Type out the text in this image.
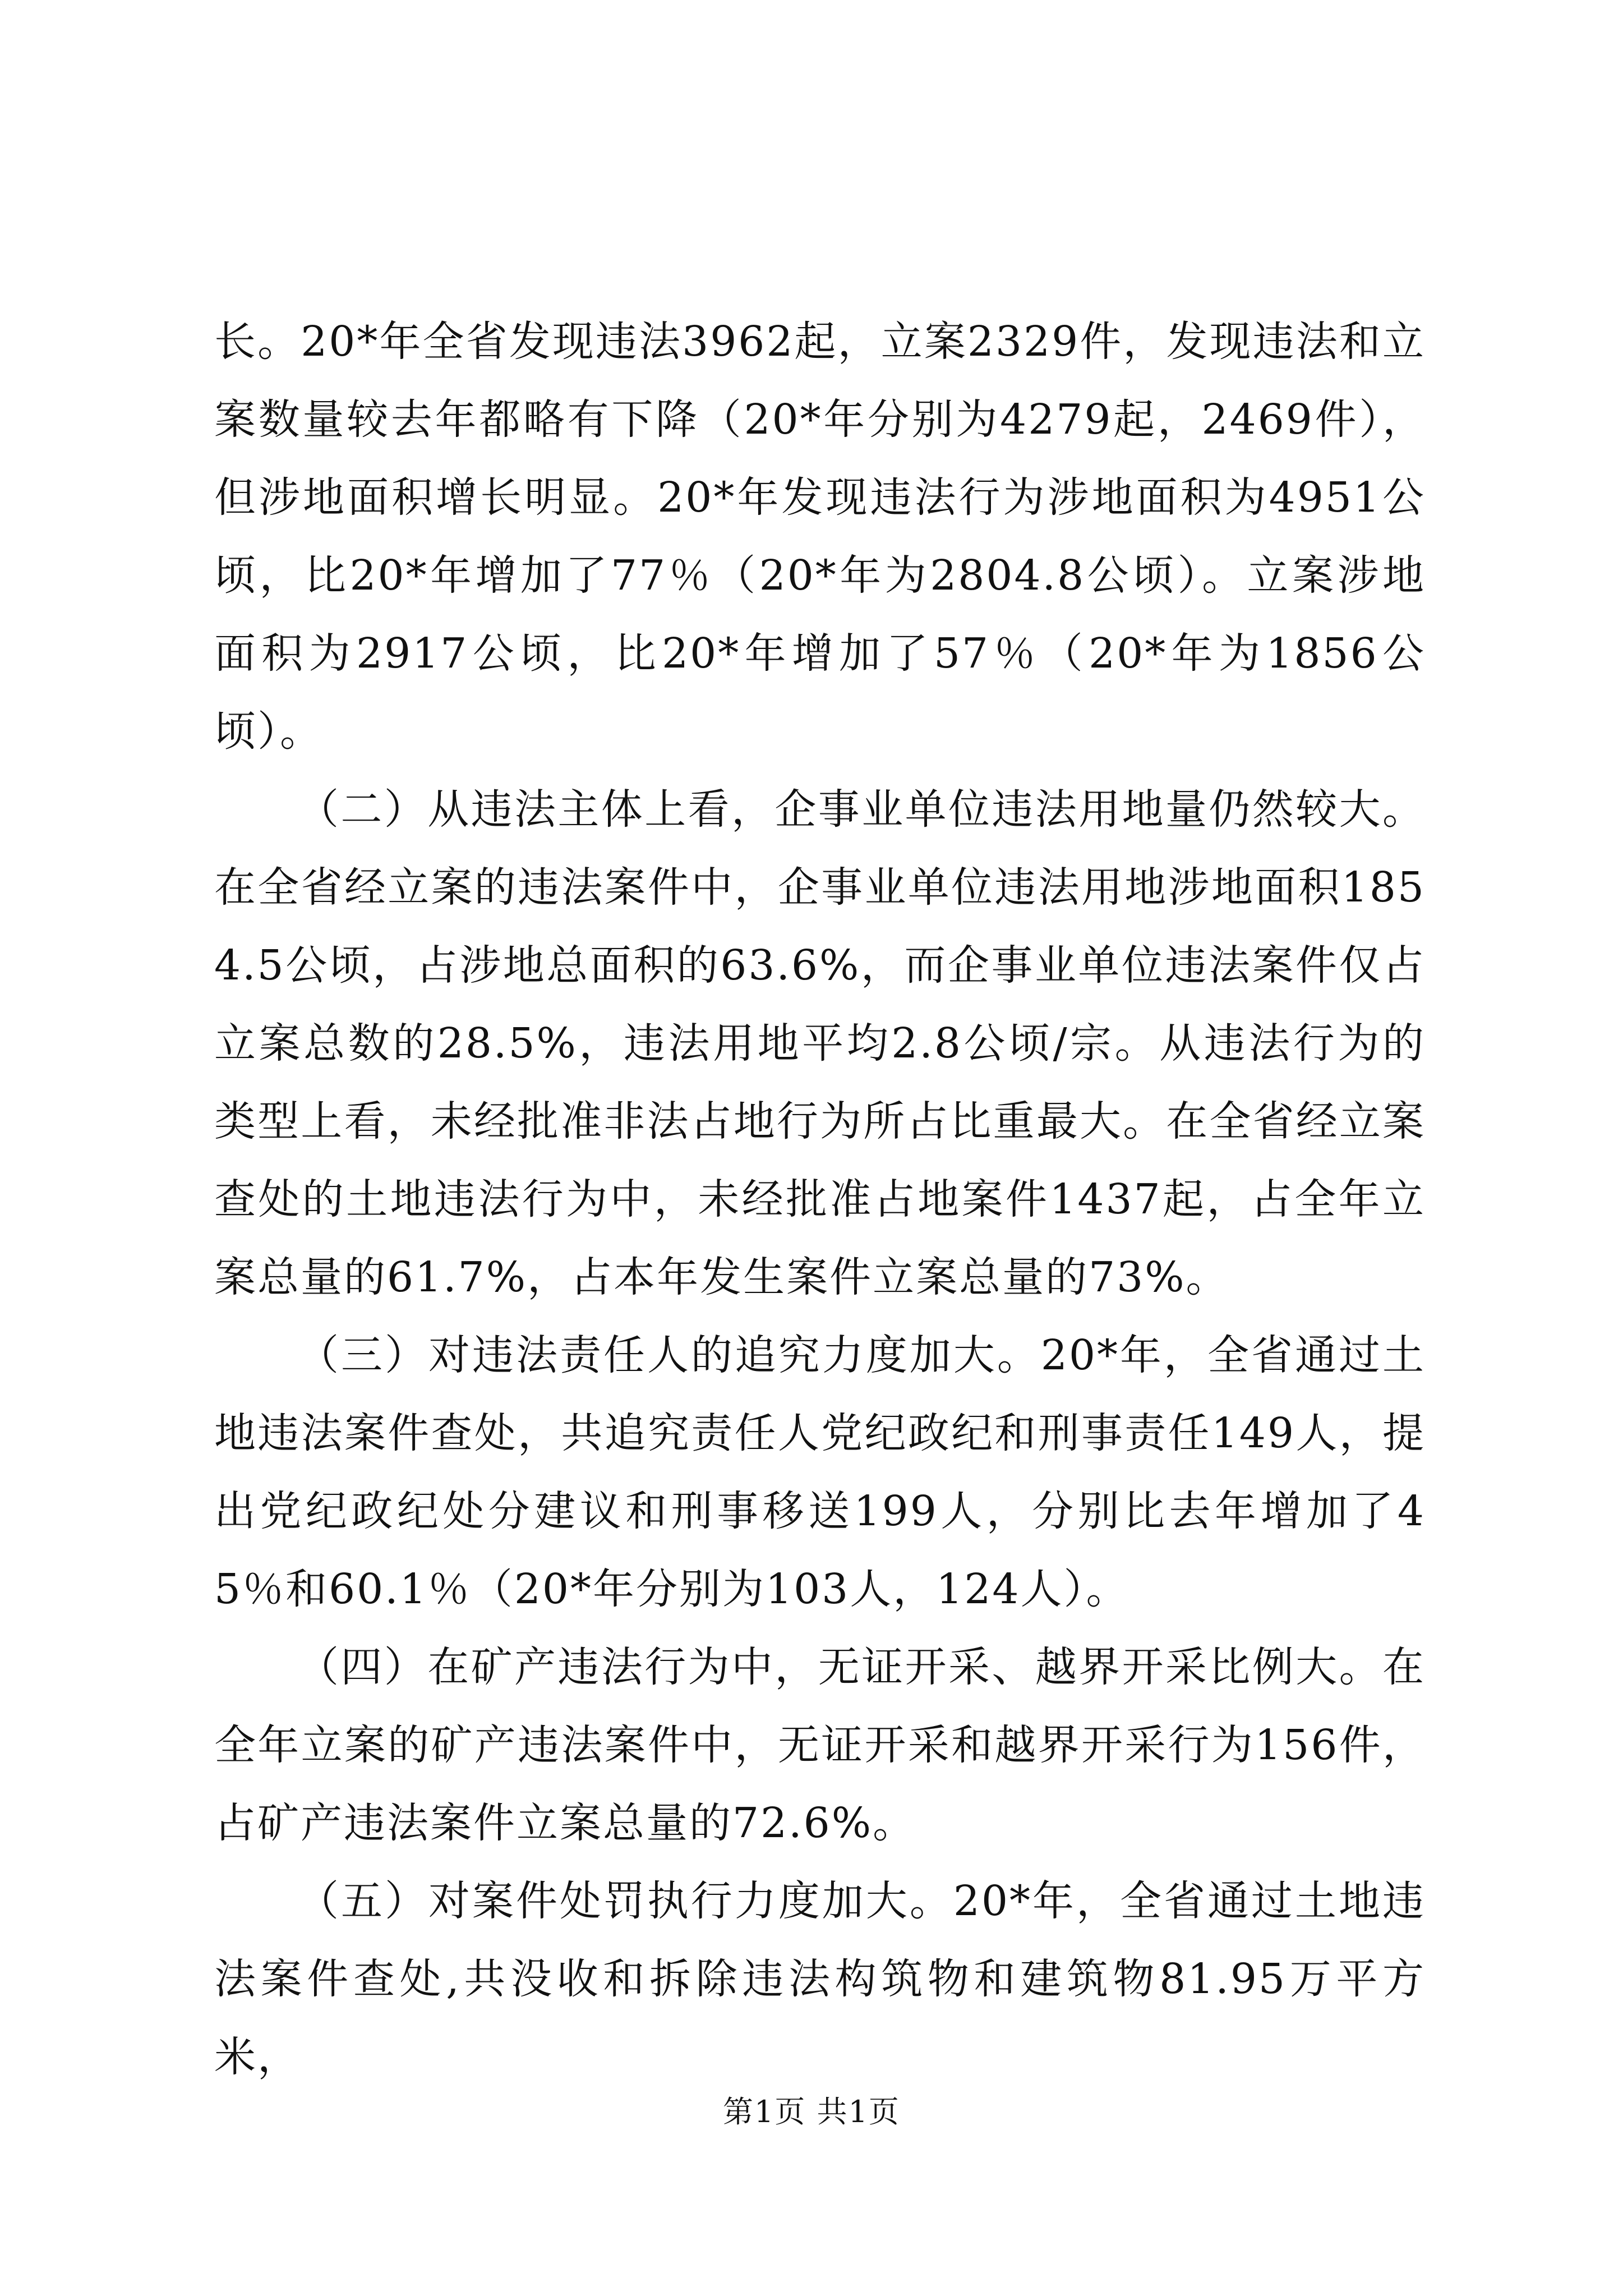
长。20*年全省发现违法3962起，立案2329件，发现违法和立案数量较去年都略有下降（20*年分别为4279起，2469件），但涉地面积增长明显。20*年发现违法行为涉地面积为4951公顷，比20*年增加了77％（20*年为2804.8公顷）。立案涉地面积为2917公顷，比20*年增加了57％（20*年为1856公顷）。

（二）从违法主体上看，企事业单位违法用地量仍然较大。在全省经立案的违法案件中，企事业单位违法用地涉地面积1854.5公顷，占涉地总面积的63.6%，而企事业单位违法案件仅占立案总数的28.5%，违法用地平均2.8公顷/宗。从违法行为的类型上看，未经批准非法占地行为所占比重最大。在全省经立案查处的土地违法行为中，未经批准占地案件1437起，占全年立案总量的61.7%，占本年发生案件立案总量的73%。

（三）对违法责任人的追究力度加大。20*年，全省通过土地违法案件查处，共追究责任人党纪政纪和刑事责任149人，提出党纪政纪处分建议和刑事移送199人，分别比去年增加了45％和60.1％（20*年分别为103人，124人）。

（四）在矿产违法行为中，无证开采、越界开采比例大。在全年立案的矿产违法案件中，无证开采和越界开采行为156件，占矿产违法案件立案总量的72.6%。

（五）对案件处罚执行力度加大。20*年，全省通过土地违法案件查处,共没收和拆除违法构筑物和建筑物81.95万平方米，

第1页 共1页
